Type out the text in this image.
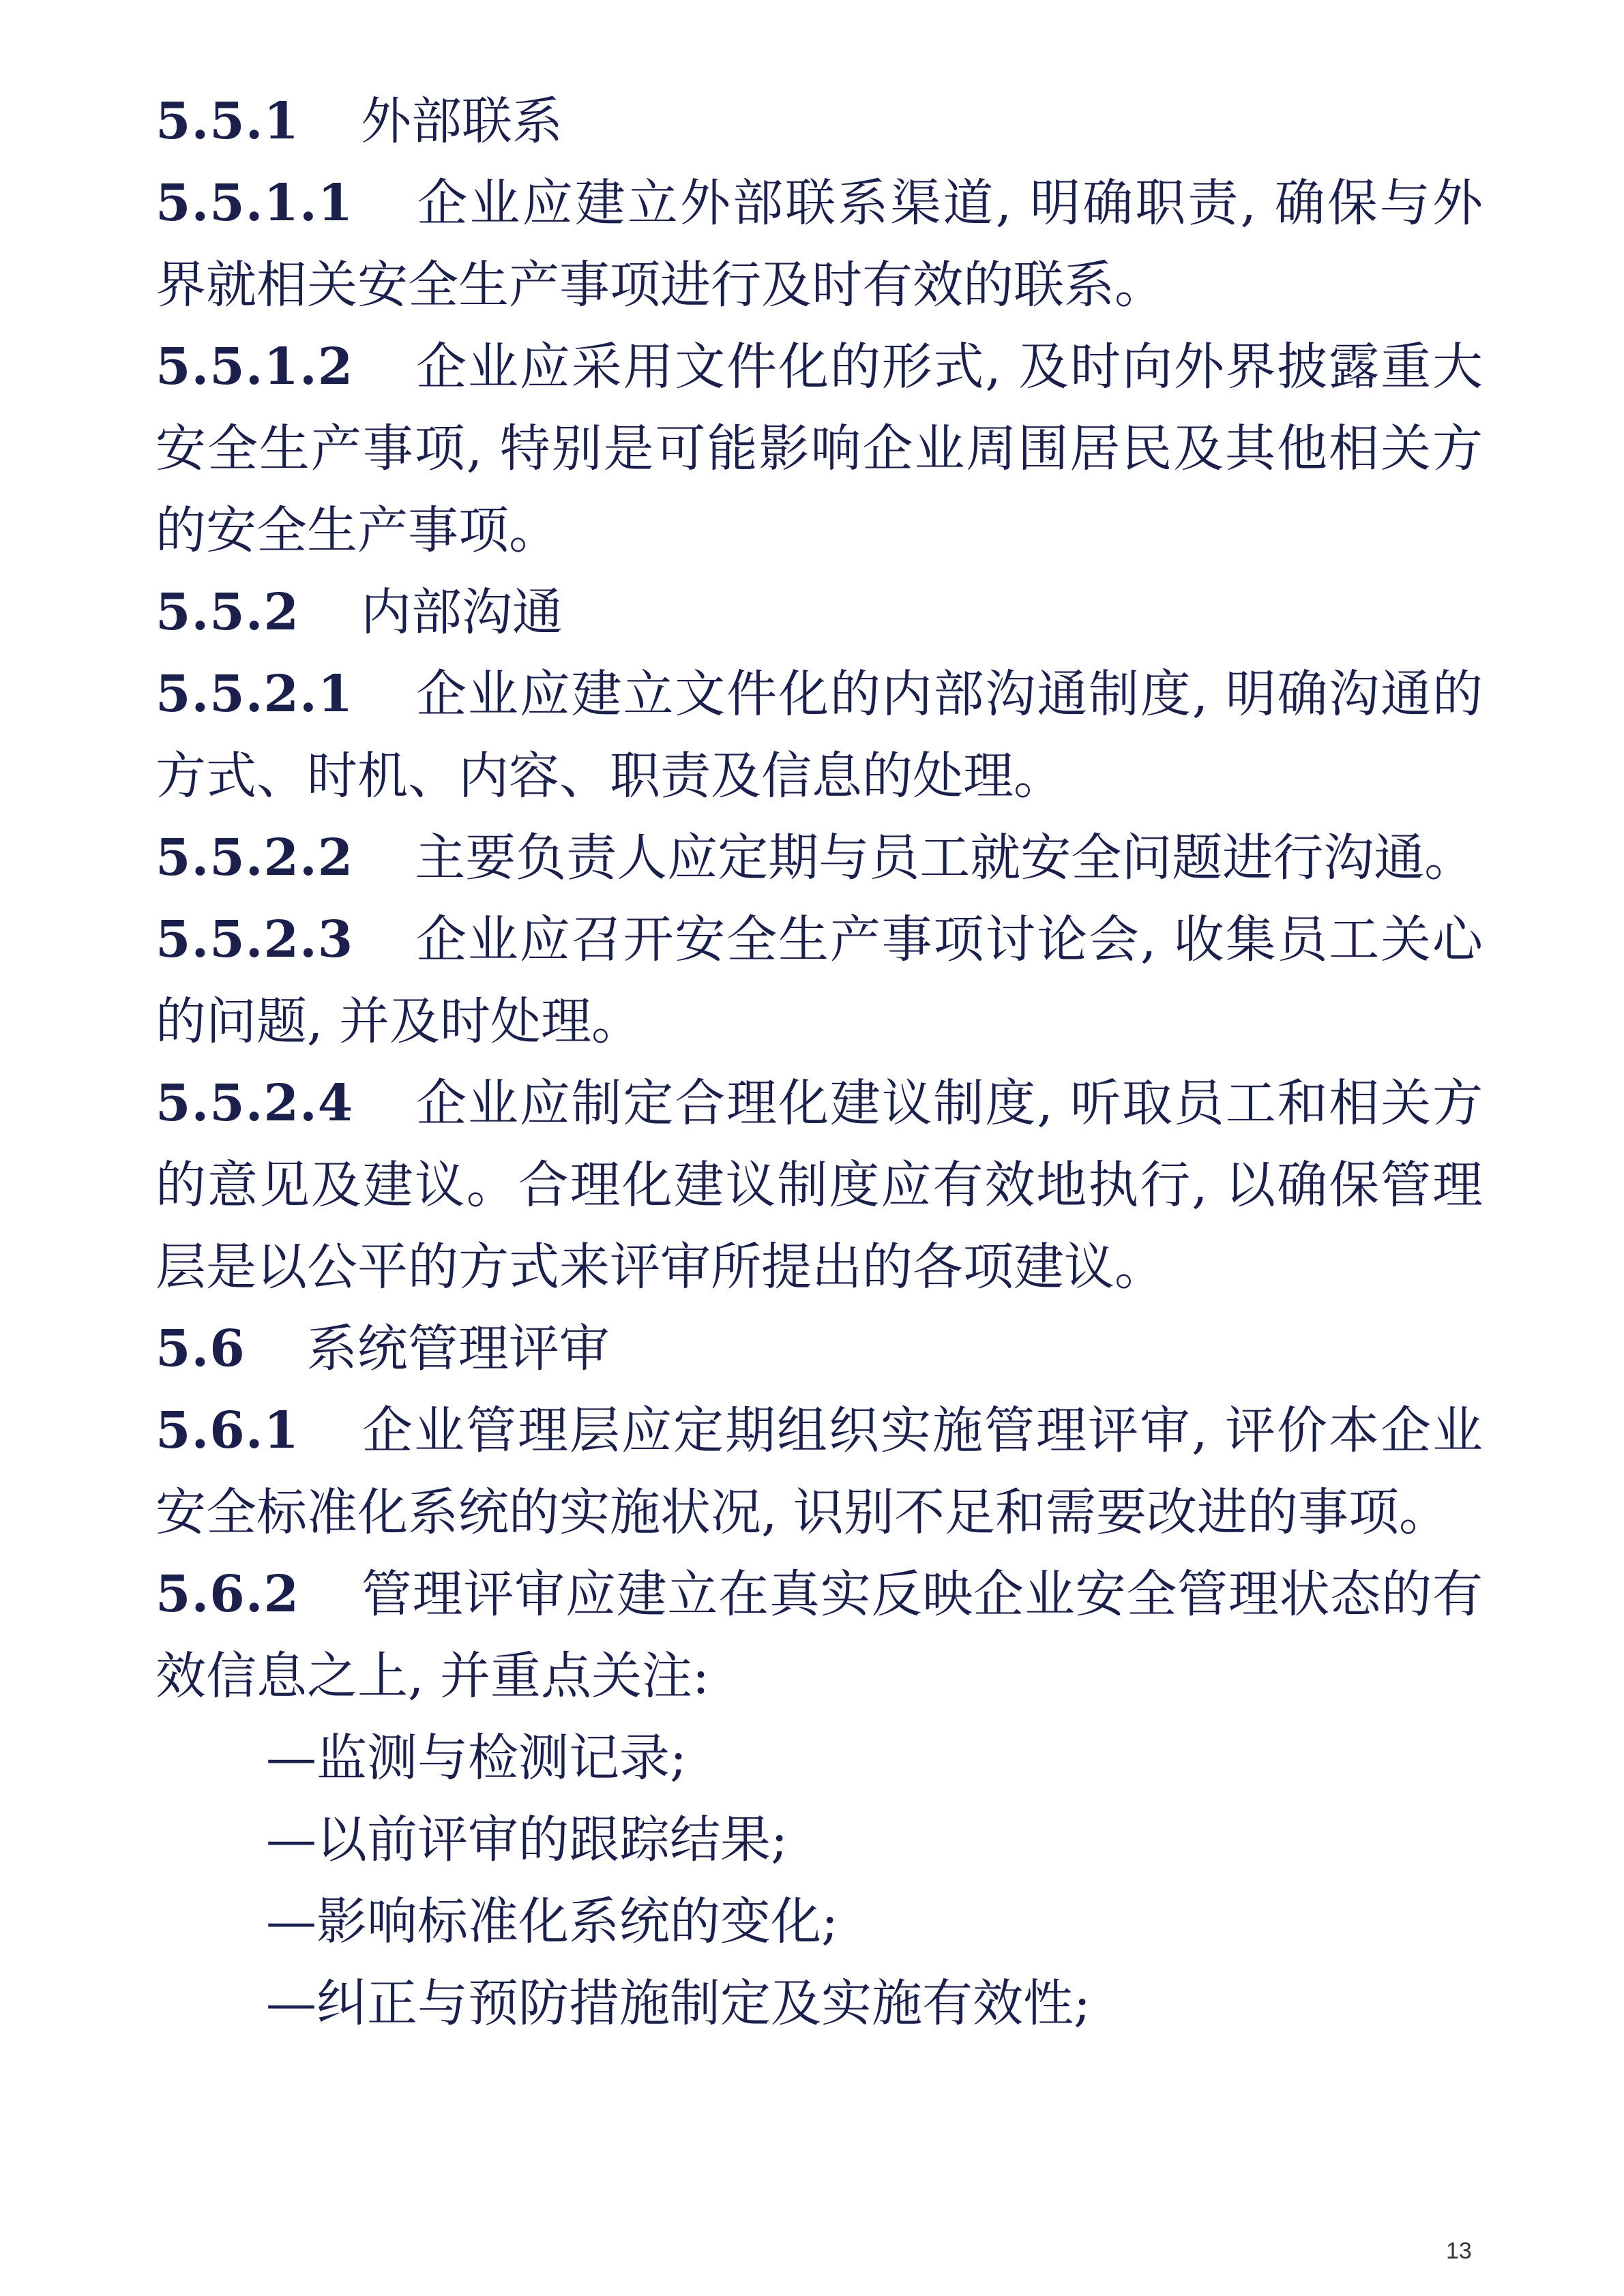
5.5.1 外部联系

5.5.1.1 企业应建立外部联系渠道, 明确职责, 确保与外界就相关安全生产事项进行及时有效的联系。

5.5.1.2 企业应采用文件化的形式, 及时向外界披露重大安全生产事项, 特别是可能影响企业周围居民及其他相关方的安全生产事项。

5.5.2 内部沟通

5.5.2.1 企业应建立文件化的内部沟通制度, 明确沟通的方式、时机、内容、职责及信息的处理。

5.5.2.2 主要负责人应定期与员工就安全问题进行沟通。

5.5.2.3 企业应召开安全生产事项讨论会, 收集员工关心的问题, 并及时处理。

5.5.2.4 企业应制定合理化建议制度, 听取员工和相关方的意见及建议。合理化建议制度应有效地执行, 以确保管理层是以公平的方式来评审所提出的各项建议。

5.6 系统管理评审

5.6.1 企业管理层应定期组织实施管理评审, 评价本企业安全标准化系统的实施状况, 识别不足和需要改进的事项。

5.6.2 管理评审应建立在真实反映企业安全管理状态的有效信息之上, 并重点关注:

—监测与检测记录;
—以前评审的跟踪结果;
—影响标准化系统的变化;
—纠正与预防措施制定及实施有效性;
13
